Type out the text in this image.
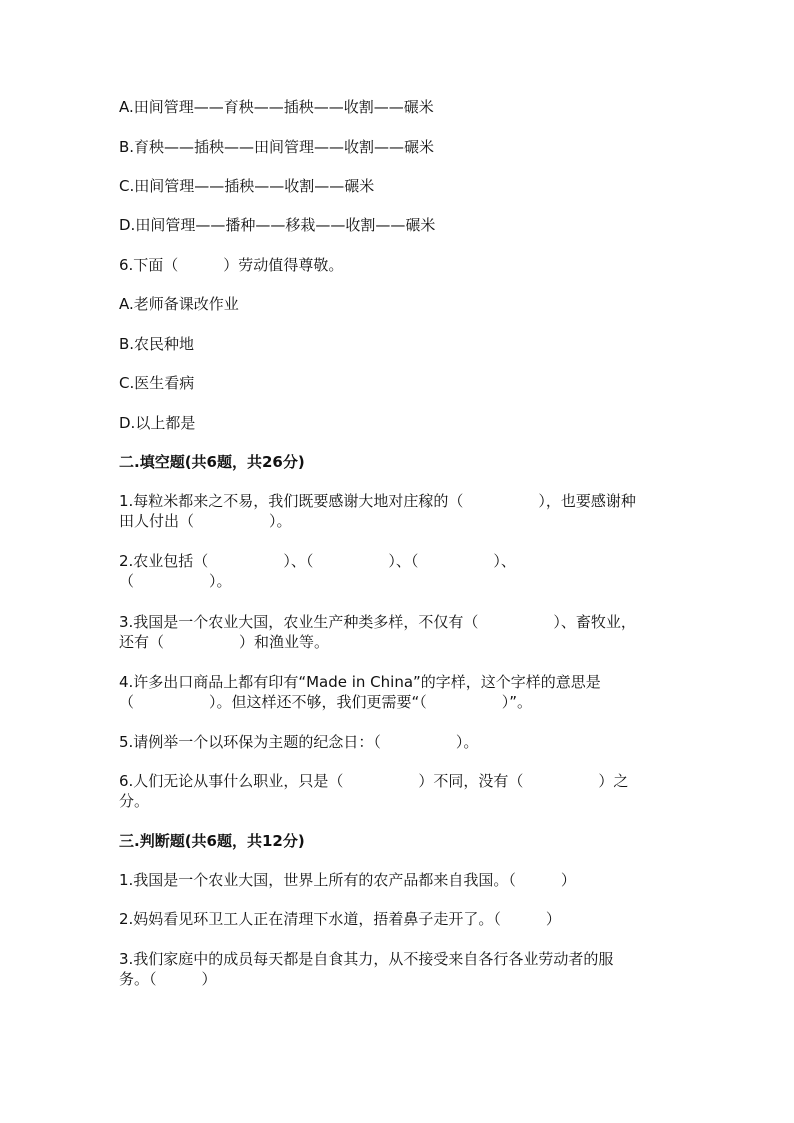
A.田间管理——育秧——插秧——收割——碾米
B.育秧——插秧——田间管理——收割——碾米
C.田间管理——插秧——收割——碾米
D.田间管理——播种——移栽——收割——碾米
6.下面（　　　）劳动值得尊敬。
A.老师备课改作业
B.农民种地
C.医生看病
D.以上都是
二.填空题(共6题，共26分)
1.每粒米都来之不易，我们既要感谢大地对庄稼的（　　　　　），也要感谢种
田人付出（　　　　　）。
2.农业包括（　　　　　）、（　　　　　）、（　　　　　）、
（　　　　　）。
3.我国是一个农业大国，农业生产种类多样，不仅有（　　　　　）、畜牧业，
还有（　　　　　）和渔业等。
4.许多出口商品上都有印有“Made in China”的字样，这个字样的意思是
（　　　　　）。但这样还不够，我们更需要“（　　　　　）”。
5.请例举一个以环保为主题的纪念日：（　　　　　）。
6.人们无论从事什么职业，只是（　　　　　）不同，没有（　　　　　）之
分。
三.判断题(共6题，共12分)
1.我国是一个农业大国，世界上所有的农产品都来自我国。（　　　）
2.妈妈看见环卫工人正在清理下水道，捂着鼻子走开了。（　　　）
3.我们家庭中的成员每天都是自食其力，从不接受来自各行各业劳动者的服
务。（　　　）
